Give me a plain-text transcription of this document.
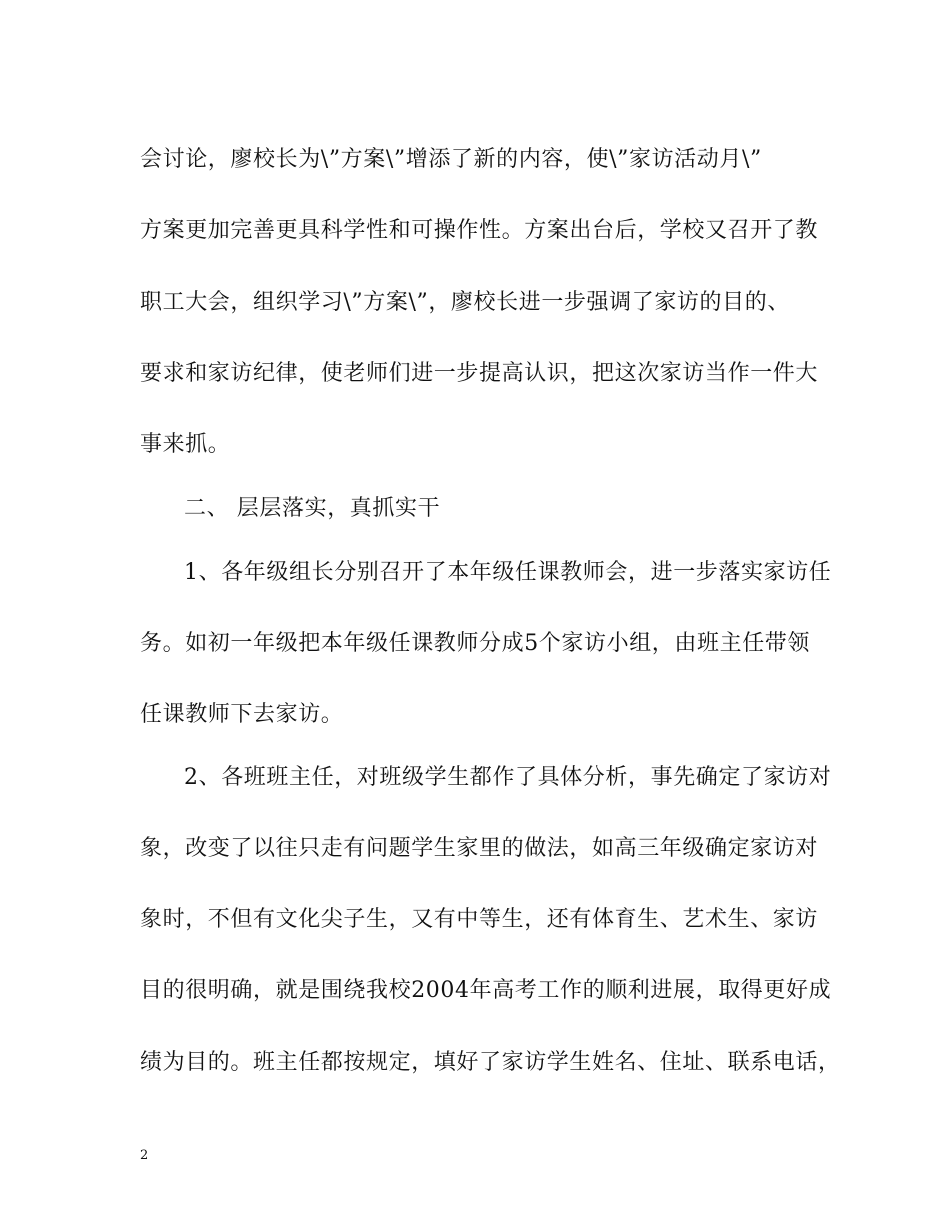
会讨论，廖校长为\”方案\”增添了新的内容，使\”家访活动月\”
方案更加完善更具科学性和可操作性。方案出台后，学校又召开了教
职工大会，组织学习\”方案\”，廖校长进一步强调了家访的目的、
要求和家访纪律，使老师们进一步提高认识，把这次家访当作一件大
事来抓。
二、 层层落实，真抓实干
1、各年级组长分别召开了本年级任课教师会，进一步落实家访任
务。如初一年级把本年级任课教师分成5个家访小组，由班主任带领
任课教师下去家访。
2、各班班主任，对班级学生都作了具体分析，事先确定了家访对
象，改变了以往只走有问题学生家里的做法，如高三年级确定家访对
象时，不但有文化尖子生，又有中等生，还有体育生、艺术生、家访
目的很明确，就是围绕我校2004年高考工作的顺利进展，取得更好成
绩为目的。班主任都按规定，填好了家访学生姓名、住址、联系电话，
2
